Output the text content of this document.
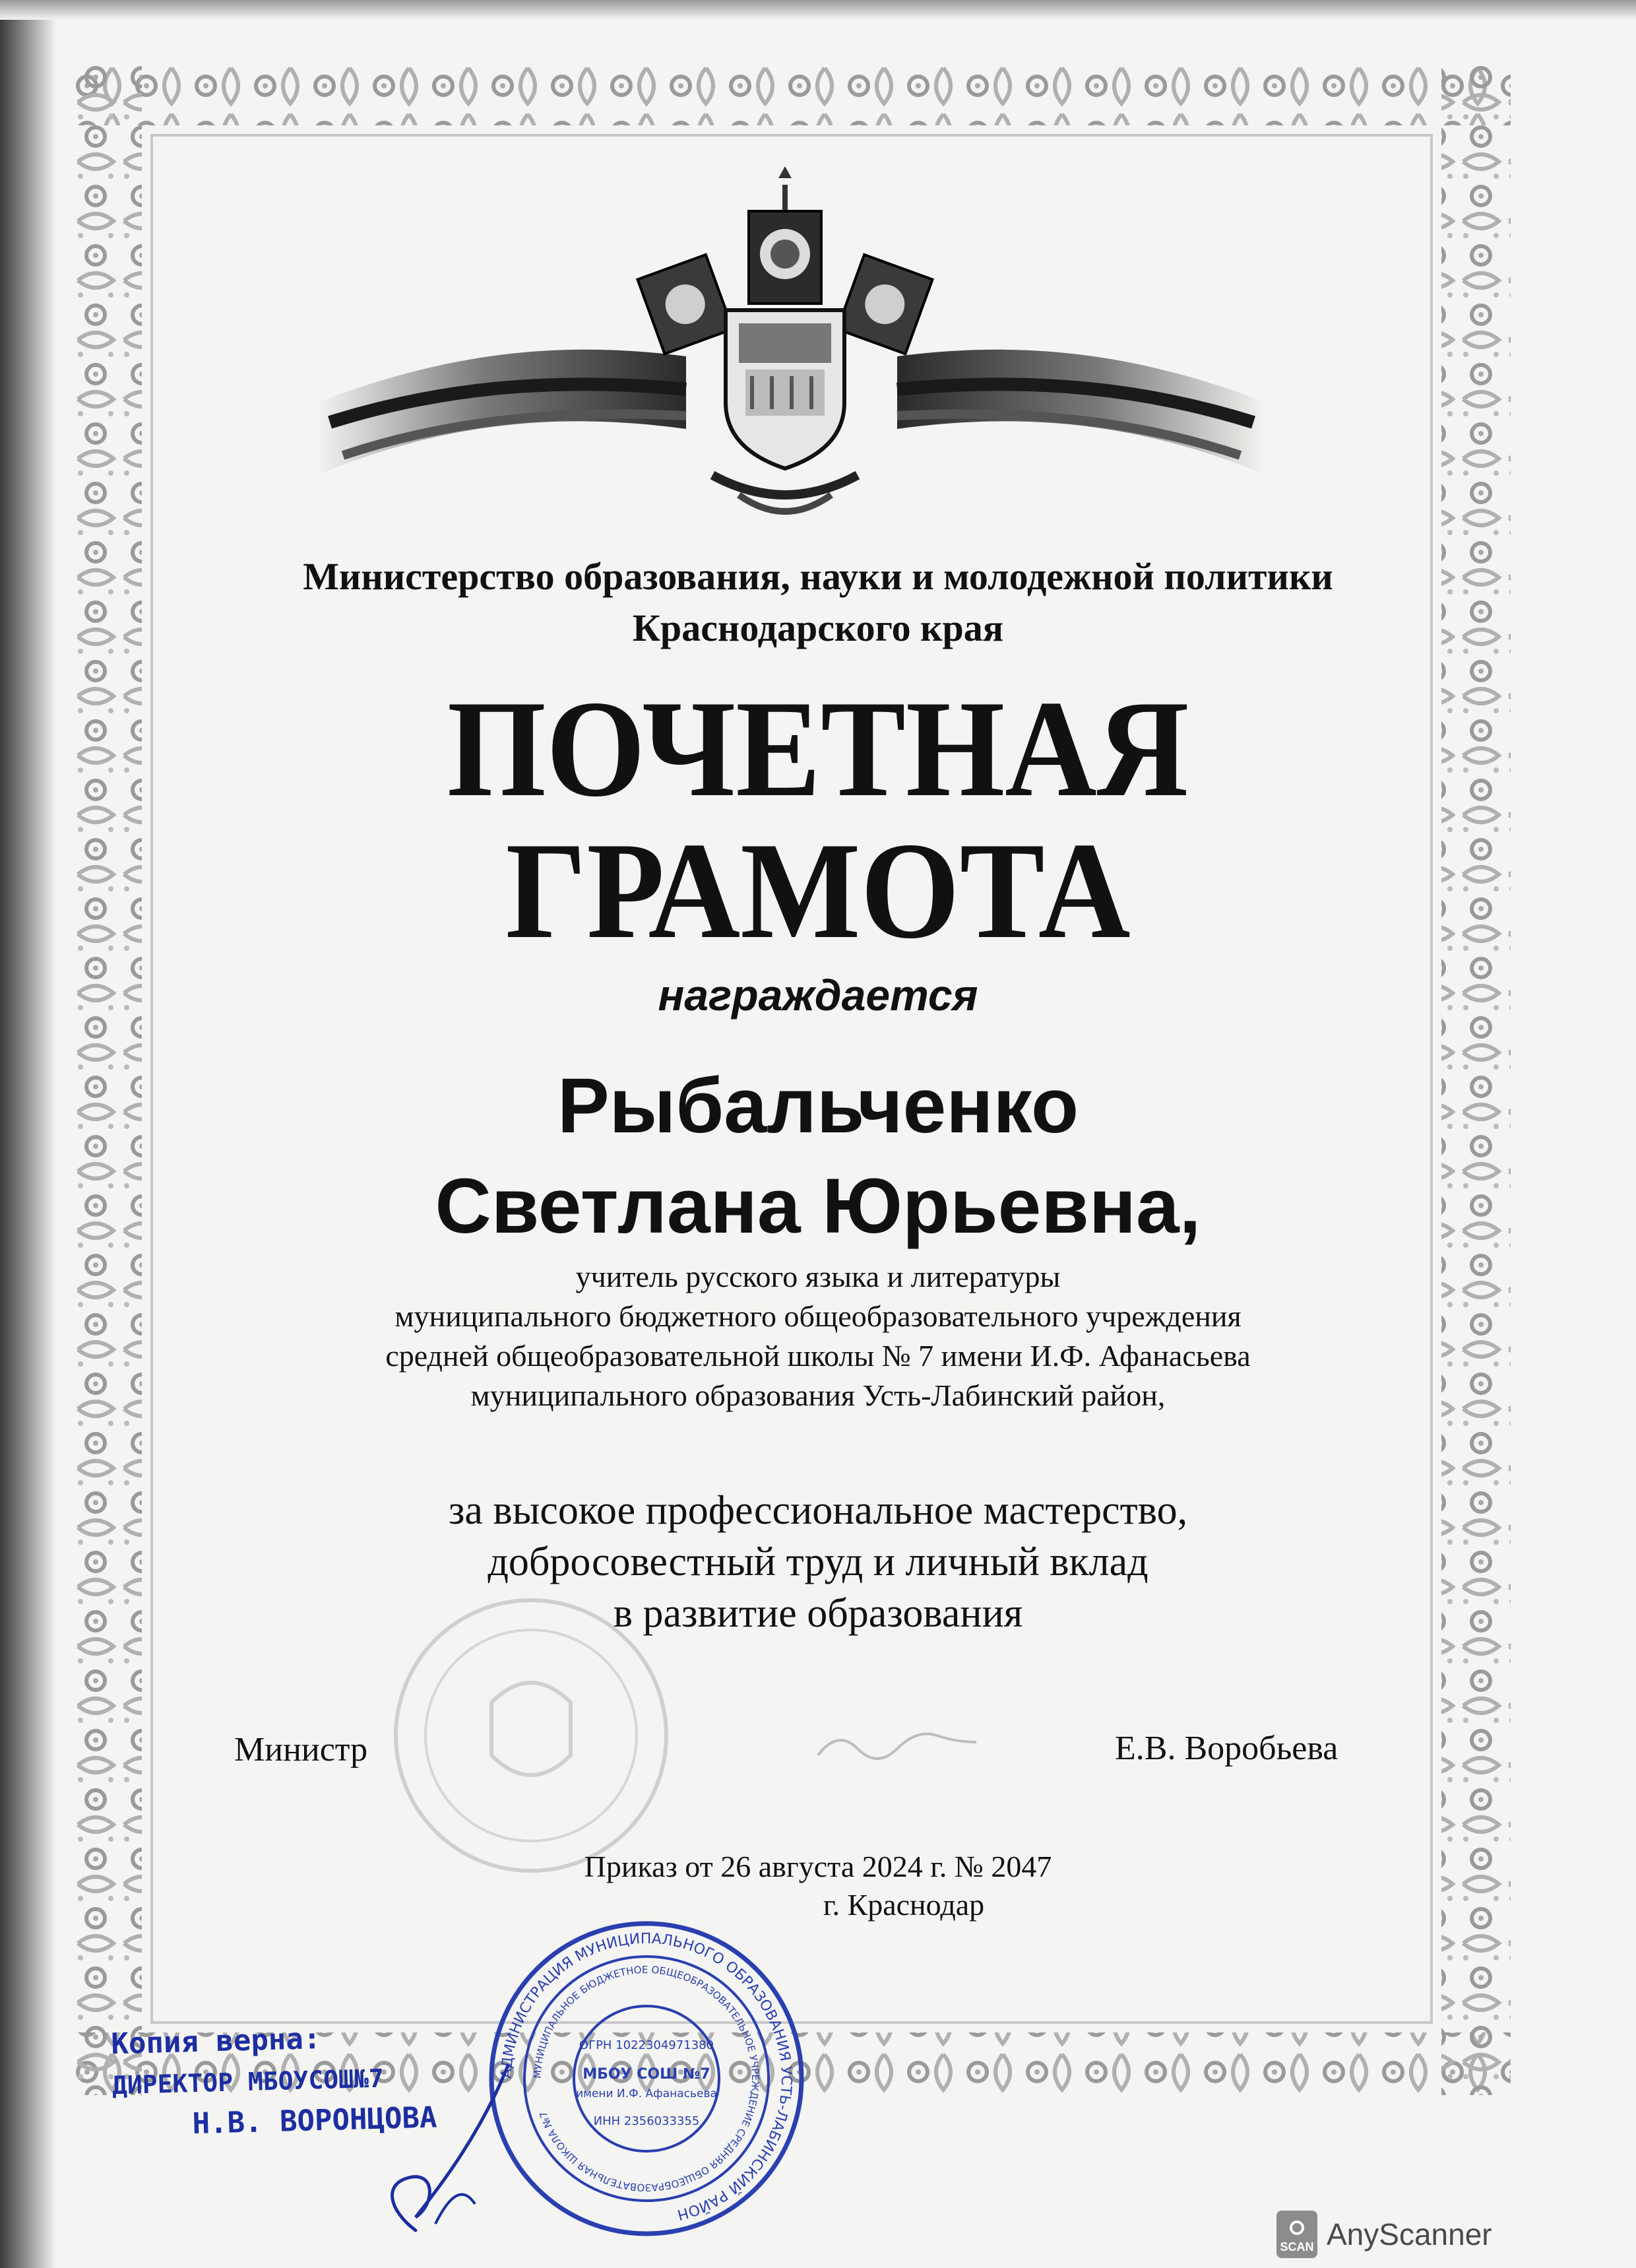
Министерство образования, науки и молодежной политики
Краснодарского края
ПОЧЕТНАЯ
ГРАМОТА
награждается
Рыбальченко
Светлана Юрьевна,
учитель русского языка и литературы
муниципального бюджетного общеобразовательного учреждения
средней общеобразовательной школы № 7 имени И.Ф. Афанасьева
муниципального образования Усть-Лабинский район,
за высокое профессиональное мастерство,
добросовестный труд и личный вклад
в развитие образования
Министр	Е.В. Воробьева
Приказ от 26 августа 2024 г. № 2047
г. Краснодар
АДМИНИСТРАЦИЯ МУНИЦИПАЛЬНОГО ОБРАЗОВАНИЯ УСТЬ-ЛАБИНСКИЙ РАЙОН
МУНИЦИПАЛЬНОЕ БЮДЖЕТНОЕ ОБЩЕОБРАЗОВАТЕЛЬНОЕ УЧРЕЖДЕНИЕ СРЕДНЯЯ ОБЩЕОБРАЗОВАТЕЛЬНАЯ ШКОЛА №7
ОГРН 1022304971380
МБОУ СОШ №7
имени И.Ф. Афанасьева
ИНН 2356033355
Копия верна:
ДИРЕКТОР МБОУСОШ№7
Н.В. ВОРОНЦОВА
SCAN AnyScanner
